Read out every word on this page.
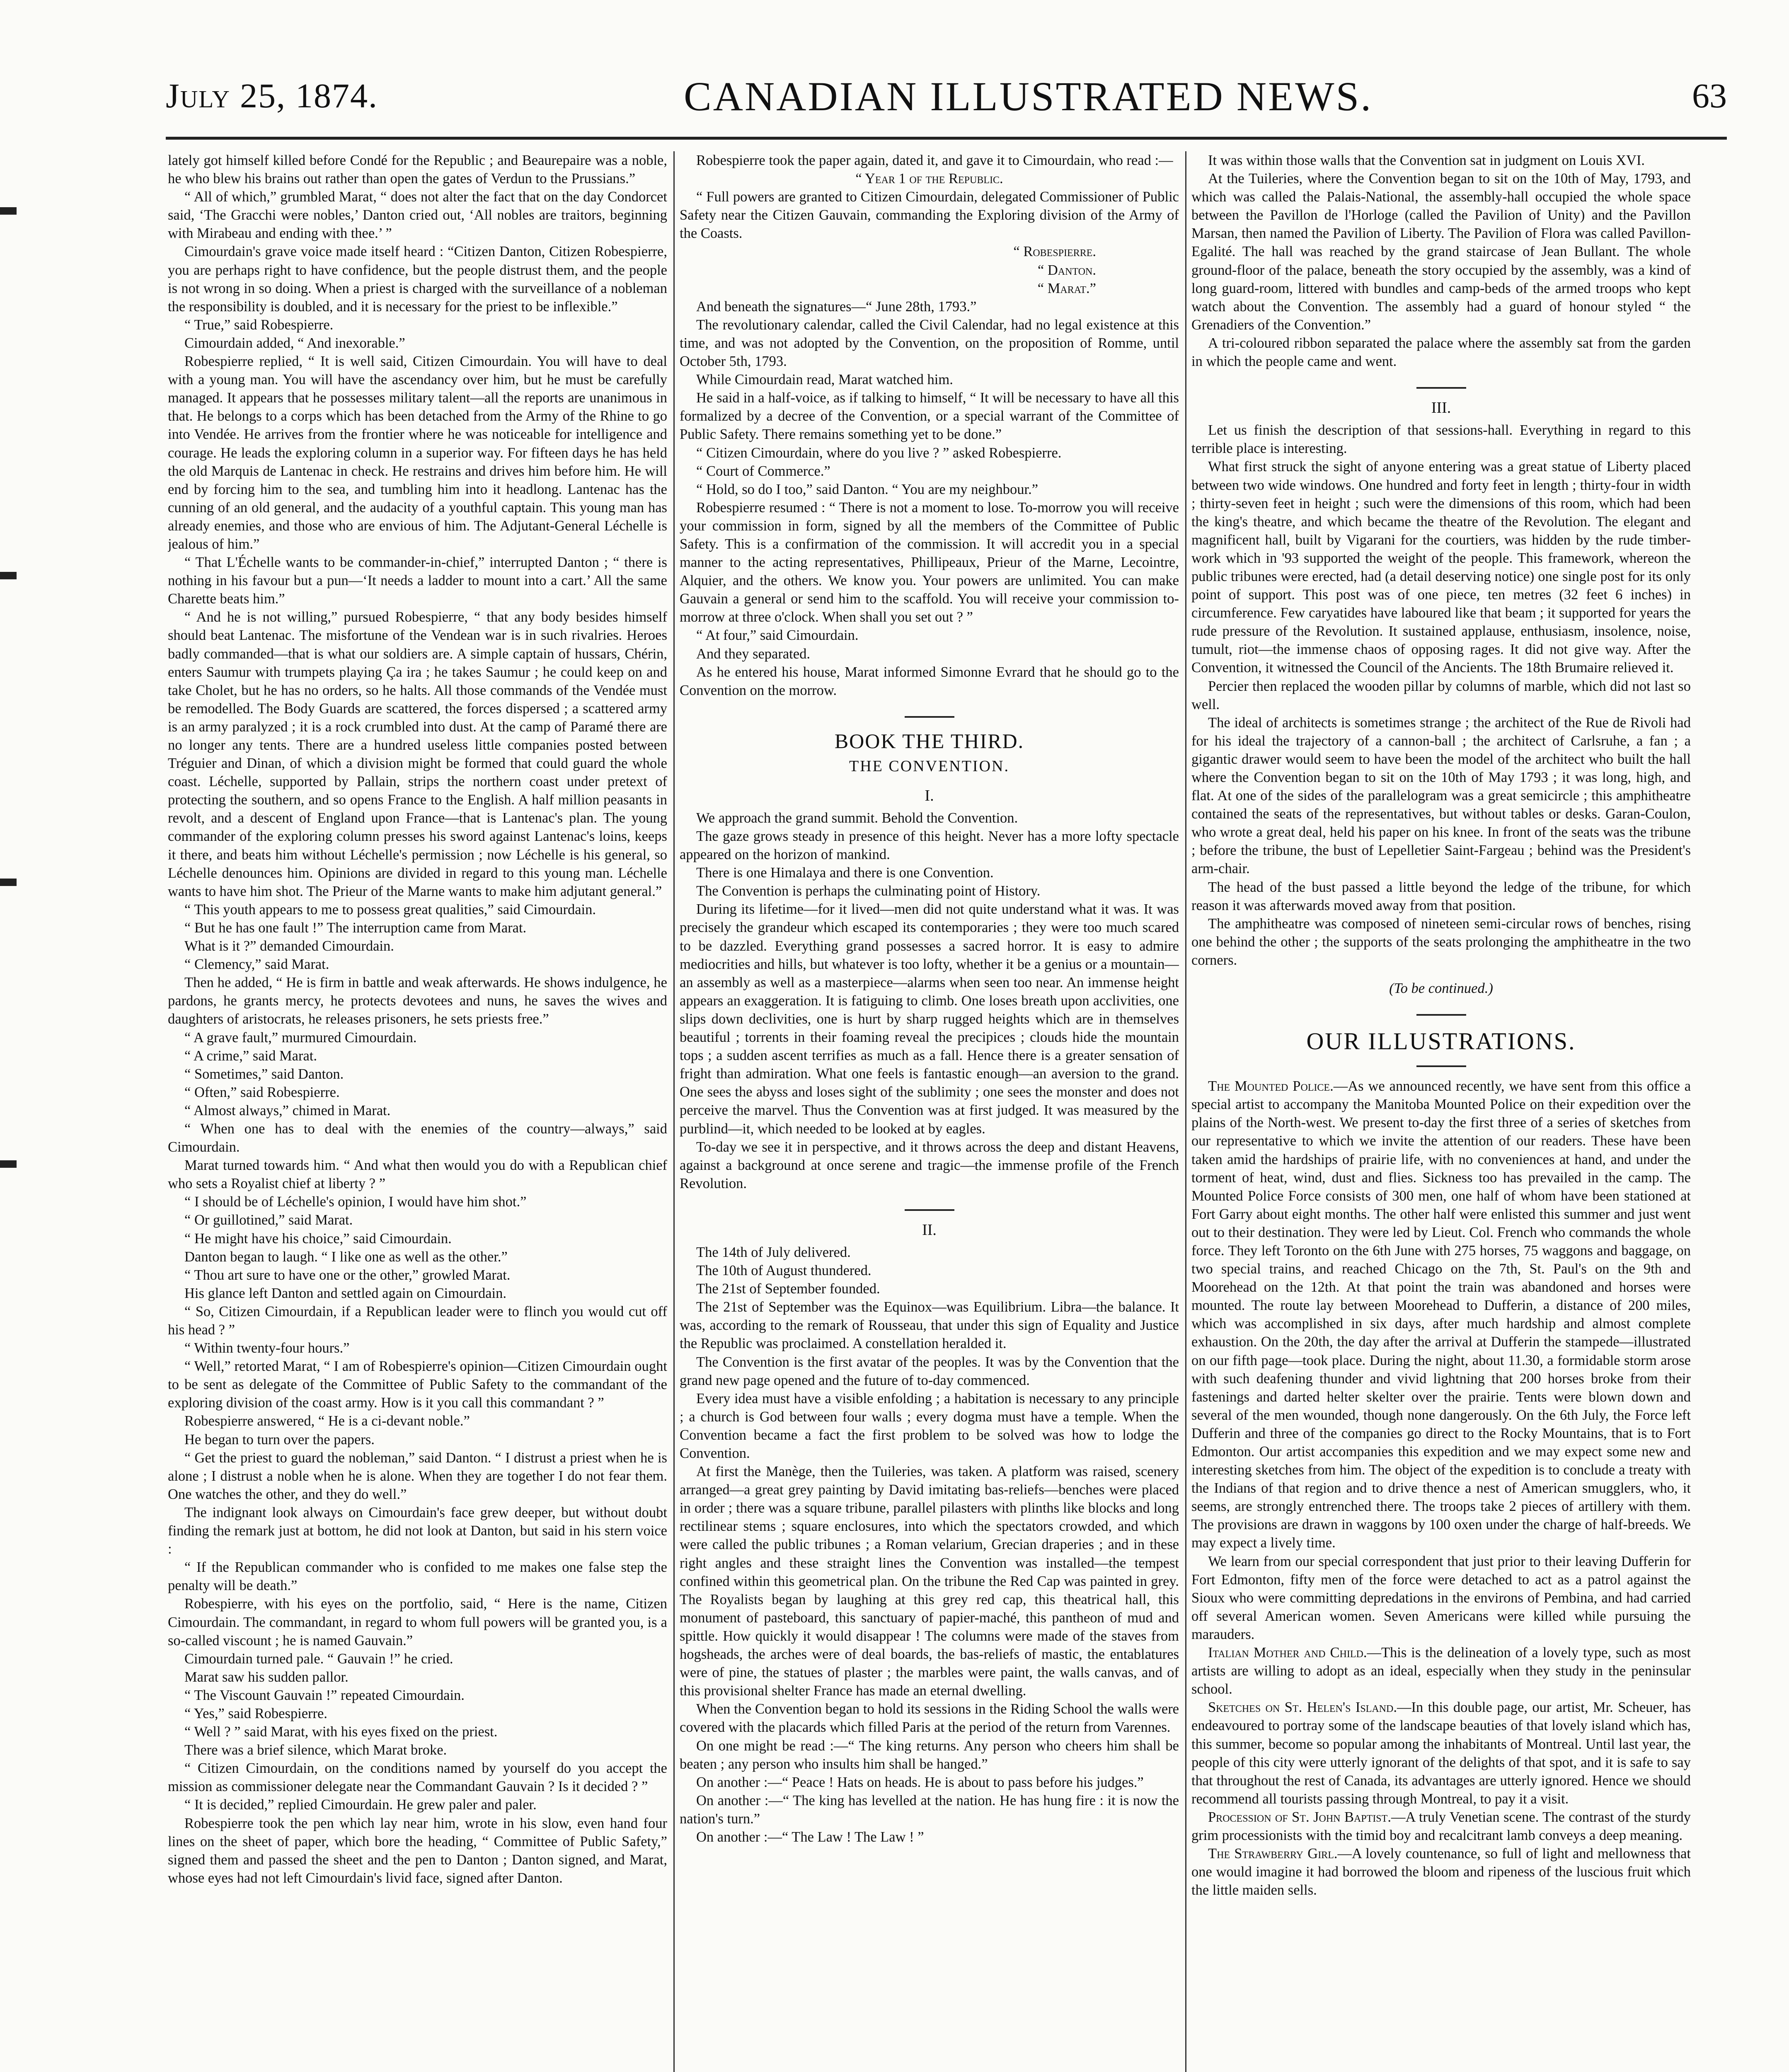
July 25, 1874.	CANADIAN ILLUSTRATED NEWS.	63

lately got himself killed before Condé for the Republic ; and Beaurepaire was a noble, he who blew his brains out rather than open the gates of Verdun to the Prussians.”

“ All of which,” grumbled Marat, “ does not alter the fact that on the day Condorcet said, ‘The Gracchi were nobles,’ Danton cried out, ‘All nobles are traitors, beginning with Mirabeau and ending with thee.’ ”

Cimourdain's grave voice made itself heard : “Citizen Danton, Citizen Robespierre, you are perhaps right to have confidence, but the people distrust them, and the people is not wrong in so doing. When a priest is charged with the surveillance of a nobleman the responsibility is doubled, and it is necessary for the priest to be inflexible.”

“ True,” said Robespierre.

Cimourdain added, “ And inexorable.”

Robespierre replied, “ It is well said, Citizen Cimourdain. You will have to deal with a young man. You will have the ascendancy over him, but he must be carefully managed. It appears that he possesses military talent—all the reports are unanimous in that. He belongs to a corps which has been detached from the Army of the Rhine to go into Vendée. He arrives from the frontier where he was noticeable for intelligence and courage. He leads the exploring column in a superior way. For fifteen days he has held the old Marquis de Lantenac in check. He restrains and drives him before him. He will end by forcing him to the sea, and tumbling him into it headlong. Lantenac has the cunning of an old general, and the audacity of a youthful captain. This young man has already enemies, and those who are envious of him. The Adjutant-General Léchelle is jealous of him.”

“ That L'Échelle wants to be commander-in-chief,” interrupted Danton ; “ there is nothing in his favour but a pun—‘It needs a ladder to mount into a cart.’ All the same Charette beats him.”

“ And he is not willing,” pursued Robespierre, “ that any body besides himself should beat Lantenac. The misfortune of the Vendean war is in such rivalries. Heroes badly commanded—that is what our soldiers are. A simple captain of hussars, Chérin, enters Saumur with trumpets playing Ça ira ; he takes Saumur ; he could keep on and take Cholet, but he has no orders, so he halts. All those commands of the Vendée must be remodelled. The Body Guards are scattered, the forces dispersed ; a scattered army is an army paralyzed ; it is a rock crumbled into dust. At the camp of Paramé there are no longer any tents. There are a hundred useless little companies posted between Tréguier and Dinan, of which a division might be formed that could guard the whole coast. Léchelle, supported by Pallain, strips the northern coast under pretext of protecting the southern, and so opens France to the English. A half million peasants in revolt, and a descent of England upon France—that is Lantenac's plan. The young commander of the exploring column presses his sword against Lantenac's loins, keeps it there, and beats him without Léchelle's permission ; now Léchelle is his general, so Léchelle denounces him. Opinions are divided in regard to this young man. Léchelle wants to have him shot. The Prieur of the Marne wants to make him adjutant general.”

“ This youth appears to me to possess great qualities,” said Cimourdain.

“ But he has one fault !” The interruption came from Marat.

What is it ?” demanded Cimourdain.

“ Clemency,” said Marat.

Then he added, “ He is firm in battle and weak afterwards. He shows indulgence, he pardons, he grants mercy, he protects devotees and nuns, he saves the wives and daughters of aristocrats, he releases prisoners, he sets priests free.”

“ A grave fault,” murmured Cimourdain.

“ A crime,” said Marat.

“ Sometimes,” said Danton.

“ Often,” said Robespierre.

“ Almost always,” chimed in Marat.

“ When one has to deal with the enemies of the country—always,” said Cimourdain.

Marat turned towards him. “ And what then would you do with a Republican chief who sets a Royalist chief at liberty ? ”

“ I should be of Léchelle's opinion, I would have him shot.”

“ Or guillotined,” said Marat.

“ He might have his choice,” said Cimourdain.

Danton began to laugh. “ I like one as well as the other.”

“ Thou art sure to have one or the other,” growled Marat.

His glance left Danton and settled again on Cimourdain.

“ So, Citizen Cimourdain, if a Republican leader were to flinch you would cut off his head ? ”

“ Within twenty-four hours.”

“ Well,” retorted Marat, “ I am of Robespierre's opinion—Citizen Cimourdain ought to be sent as delegate of the Committee of Public Safety to the commandant of the exploring division of the coast army. How is it you call this commandant ? ”

Robespierre answered, “ He is a ci-devant noble.”

He began to turn over the papers.

“ Get the priest to guard the nobleman,” said Danton. “ I distrust a priest when he is alone ; I distrust a noble when he is alone. When they are together I do not fear them. One watches the other, and they do well.”

The indignant look always on Cimourdain's face grew deeper, but without doubt finding the remark just at bottom, he did not look at Danton, but said in his stern voice :

“ If the Republican commander who is confided to me makes one false step the penalty will be death.”

Robespierre, with his eyes on the portfolio, said, “ Here is the name, Citizen Cimourdain. The commandant, in regard to whom full powers will be granted you, is a so-called viscount ; he is named Gauvain.”

Cimourdain turned pale. “ Gauvain !” he cried.

Marat saw his sudden pallor.

“ The Viscount Gauvain !” repeated Cimourdain.

“ Yes,” said Robespierre.

“ Well ? ” said Marat, with his eyes fixed on the priest.

There was a brief silence, which Marat broke.

“ Citizen Cimourdain, on the conditions named by yourself do you accept the mission as commissioner delegate near the Commandant Gauvain ? Is it decided ? ”

“ It is decided,” replied Cimourdain. He grew paler and paler.

Robespierre took the pen which lay near him, wrote in his slow, even hand four lines on the sheet of paper, which bore the heading, “ Committee of Public Safety,” signed them and passed the sheet and the pen to Danton ; Danton signed, and Marat, whose eyes had not left Cimourdain's livid face, signed after Danton.

Robespierre took the paper again, dated it, and gave it to Cimourdain, who read :—

“ Year 1 of the Republic.

“ Full powers are granted to Citizen Cimourdain, delegated Commissioner of Public Safety near the Citizen Gauvain, commanding the Exploring division of the Army of the Coasts.

“ Robespierre.

“ Danton.

“ Marat.”

And beneath the signatures—“ June 28th, 1793.”

The revolutionary calendar, called the Civil Calendar, had no legal existence at this time, and was not adopted by the Convention, on the proposition of Romme, until October 5th, 1793.

While Cimourdain read, Marat watched him.

He said in a half-voice, as if talking to himself, “ It will be necessary to have all this formalized by a decree of the Convention, or a special warrant of the Committee of Public Safety. There remains something yet to be done.”

“ Citizen Cimourdain, where do you live ? ” asked Robespierre.

“ Court of Commerce.”

“ Hold, so do I too,” said Danton. “ You are my neighbour.”

Robespierre resumed : “ There is not a moment to lose. To-morrow you will receive your commission in form, signed by all the members of the Committee of Public Safety. This is a confirmation of the commission. It will accredit you in a special manner to the acting representatives, Phillipeaux, Prieur of the Marne, Lecointre, Alquier, and the others. We know you. Your powers are unlimited. You can make Gauvain a general or send him to the scaffold. You will receive your commission to-morrow at three o'clock. When shall you set out ? ”

“ At four,” said Cimourdain.

And they separated.

As he entered his house, Marat informed Simonne Evrard that he should go to the Convention on the morrow.

BOOK THE THIRD.
THE CONVENTION.
I.

We approach the grand summit. Behold the Convention.

The gaze grows steady in presence of this height. Never has a more lofty spectacle appeared on the horizon of mankind.

There is one Himalaya and there is one Convention.

The Convention is perhaps the culminating point of History.

During its lifetime—for it lived—men did not quite understand what it was. It was precisely the grandeur which escaped its contemporaries ; they were too much scared to be dazzled. Everything grand possesses a sacred horror. It is easy to admire mediocrities and hills, but whatever is too lofty, whether it be a genius or a mountain—an assembly as well as a masterpiece—alarms when seen too near. An immense height appears an exaggeration. It is fatiguing to climb. One loses breath upon acclivities, one slips down declivities, one is hurt by sharp rugged heights which are in themselves beautiful ; torrents in their foaming reveal the precipices ; clouds hide the mountain tops ; a sudden ascent terrifies as much as a fall. Hence there is a greater sensation of fright than admiration. What one feels is fantastic enough—an aversion to the grand. One sees the abyss and loses sight of the sublimity ; one sees the monster and does not perceive the marvel. Thus the Convention was at first judged. It was measured by the purblind—it, which needed to be looked at by eagles.

To-day we see it in perspective, and it throws across the deep and distant Heavens, against a background at once serene and tragic—the immense profile of the French Revolution.

II.

The 14th of July delivered.

The 10th of August thundered.

The 21st of September founded.

The 21st of September was the Equinox—was Equilibrium. Libra—the balance. It was, according to the remark of Rousseau, that under this sign of Equality and Justice the Republic was proclaimed. A constellation heralded it.

The Convention is the first avatar of the peoples. It was by the Convention that the grand new page opened and the future of to-day commenced.

Every idea must have a visible enfolding ; a habitation is necessary to any principle ; a church is God between four walls ; every dogma must have a temple. When the Convention became a fact the first problem to be solved was how to lodge the Convention.

At first the Manège, then the Tuileries, was taken. A platform was raised, scenery arranged—a great grey painting by David imitating bas-reliefs—benches were placed in order ; there was a square tribune, parallel pilasters with plinths like blocks and long rectilinear stems ; square enclosures, into which the spectators crowded, and which were called the public tribunes ; a Roman velarium, Grecian draperies ; and in these right angles and these straight lines the Convention was installed—the tempest confined within this geometrical plan. On the tribune the Red Cap was painted in grey. The Royalists began by laughing at this grey red cap, this theatrical hall, this monument of pasteboard, this sanctuary of papier-maché, this pantheon of mud and spittle. How quickly it would disappear ! The columns were made of the staves from hogsheads, the arches were of deal boards, the bas-reliefs of mastic, the entablatures were of pine, the statues of plaster ; the marbles were paint, the walls canvas, and of this provisional shelter France has made an eternal dwelling.

When the Convention began to hold its sessions in the Riding School the walls were covered with the placards which filled Paris at the period of the return from Varennes.

On one might be read :—“ The king returns. Any person who cheers him shall be beaten ; any person who insults him shall be hanged.”

On another :—“ Peace ! Hats on heads. He is about to pass before his judges.”

On another :—“ The king has levelled at the nation. He has hung fire : it is now the nation's turn.”

On another :—“ The Law ! The Law ! ”

It was within those walls that the Convention sat in judgment on Louis XVI.

At the Tuileries, where the Convention began to sit on the 10th of May, 1793, and which was called the Palais-National, the assembly-hall occupied the whole space between the Pavillon de l'Horloge (called the Pavilion of Unity) and the Pavillon Marsan, then named the Pavilion of Liberty. The Pavilion of Flora was called Pavillon-Egalité. The hall was reached by the grand staircase of Jean Bullant. The whole ground-floor of the palace, beneath the story occupied by the assembly, was a kind of long guard-room, littered with bundles and camp-beds of the armed troops who kept watch about the Convention. The assembly had a guard of honour styled “ the Grenadiers of the Convention.”

A tri-coloured ribbon separated the palace where the assembly sat from the garden in which the people came and went.

III.

Let us finish the description of that sessions-hall. Everything in regard to this terrible place is interesting.

What first struck the sight of anyone entering was a great statue of Liberty placed between two wide windows. One hundred and forty feet in length ; thirty-four in width ; thirty-seven feet in height ; such were the dimensions of this room, which had been the king's theatre, and which became the theatre of the Revolution. The elegant and magnificent hall, built by Vigarani for the courtiers, was hidden by the rude timber-work which in '93 supported the weight of the people. This framework, whereon the public tribunes were erected, had (a detail deserving notice) one single post for its only point of support. This post was of one piece, ten metres (32 feet 6 inches) in circumference. Few caryatides have laboured like that beam ; it supported for years the rude pressure of the Revolution. It sustained applause, enthusiasm, insolence, noise, tumult, riot—the immense chaos of opposing rages. It did not give way. After the Convention, it witnessed the Council of the Ancients. The 18th Brumaire relieved it.

Percier then replaced the wooden pillar by columns of marble, which did not last so well.

The ideal of architects is sometimes strange ; the architect of the Rue de Rivoli had for his ideal the trajectory of a cannon-ball ; the architect of Carlsruhe, a fan ; a gigantic drawer would seem to have been the model of the architect who built the hall where the Convention began to sit on the 10th of May 1793 ; it was long, high, and flat. At one of the sides of the parallelogram was a great semicircle ; this amphitheatre contained the seats of the representatives, but without tables or desks. Garan-Coulon, who wrote a great deal, held his paper on his knee. In front of the seats was the tribune ; before the tribune, the bust of Lepelletier Saint-Fargeau ; behind was the President's arm-chair.

The head of the bust passed a little beyond the ledge of the tribune, for which reason it was afterwards moved away from that position.

The amphitheatre was composed of nineteen semi-circular rows of benches, rising one behind the other ; the supports of the seats prolonging the amphitheatre in the two corners.

(To be continued.)
OUR ILLUSTRATIONS.

The Mounted Police.—As we announced recently, we have sent from this office a special artist to accompany the Manitoba Mounted Police on their expedition over the plains of the North-west. We present to-day the first three of a series of sketches from our representative to which we invite the attention of our readers. These have been taken amid the hardships of prairie life, with no conveniences at hand, and under the torment of heat, wind, dust and flies. Sickness too has prevailed in the camp. The Mounted Police Force consists of 300 men, one half of whom have been stationed at Fort Garry about eight months. The other half were enlisted this summer and just went out to their destination. They were led by Lieut. Col. French who commands the whole force. They left Toronto on the 6th June with 275 horses, 75 waggons and baggage, on two special trains, and reached Chicago on the 7th, St. Paul's on the 9th and Moorehead on the 12th. At that point the train was abandoned and horses were mounted. The route lay between Moorehead to Dufferin, a distance of 200 miles, which was accomplished in six days, after much hardship and almost complete exhaustion. On the 20th, the day after the arrival at Dufferin the stampede—illustrated on our fifth page—took place. During the night, about 11.30, a formidable storm arose with such deafening thunder and vivid lightning that 200 horses broke from their fastenings and darted helter skelter over the prairie. Tents were blown down and several of the men wounded, though none dangerously. On the 6th July, the Force left Dufferin and three of the companies go direct to the Rocky Mountains, that is to Fort Edmonton. Our artist accompanies this expedition and we may expect some new and interesting sketches from him. The object of the expedition is to conclude a treaty with the Indians of that region and to drive thence a nest of American smugglers, who, it seems, are strongly entrenched there. The troops take 2 pieces of artillery with them. The provisions are drawn in waggons by 100 oxen under the charge of half-breeds. We may expect a lively time.

We learn from our special correspondent that just prior to their leaving Dufferin for Fort Edmonton, fifty men of the force were detached to act as a patrol against the Sioux who were committing depredations in the environs of Pembina, and had carried off several American women. Seven Americans were killed while pursuing the marauders.

Italian Mother and Child.—This is the delineation of a lovely type, such as most artists are willing to adopt as an ideal, especially when they study in the peninsular school.

Sketches on St. Helen's Island.—In this double page, our artist, Mr. Scheuer, has endeavoured to portray some of the landscape beauties of that lovely island which has, this summer, become so popular among the inhabitants of Montreal. Until last year, the people of this city were utterly ignorant of the delights of that spot, and it is safe to say that throughout the rest of Canada, its advantages are utterly ignored. Hence we should recommend all tourists passing through Montreal, to pay it a visit.

Procession of St. John Baptist.—A truly Venetian scene. The contrast of the sturdy grim processionists with the timid boy and recalcitrant lamb conveys a deep meaning.

The Strawberry Girl.—A lovely countenance, so full of light and mellowness that one would imagine it had borrowed the bloom and ripeness of the luscious fruit which the little maiden sells.
